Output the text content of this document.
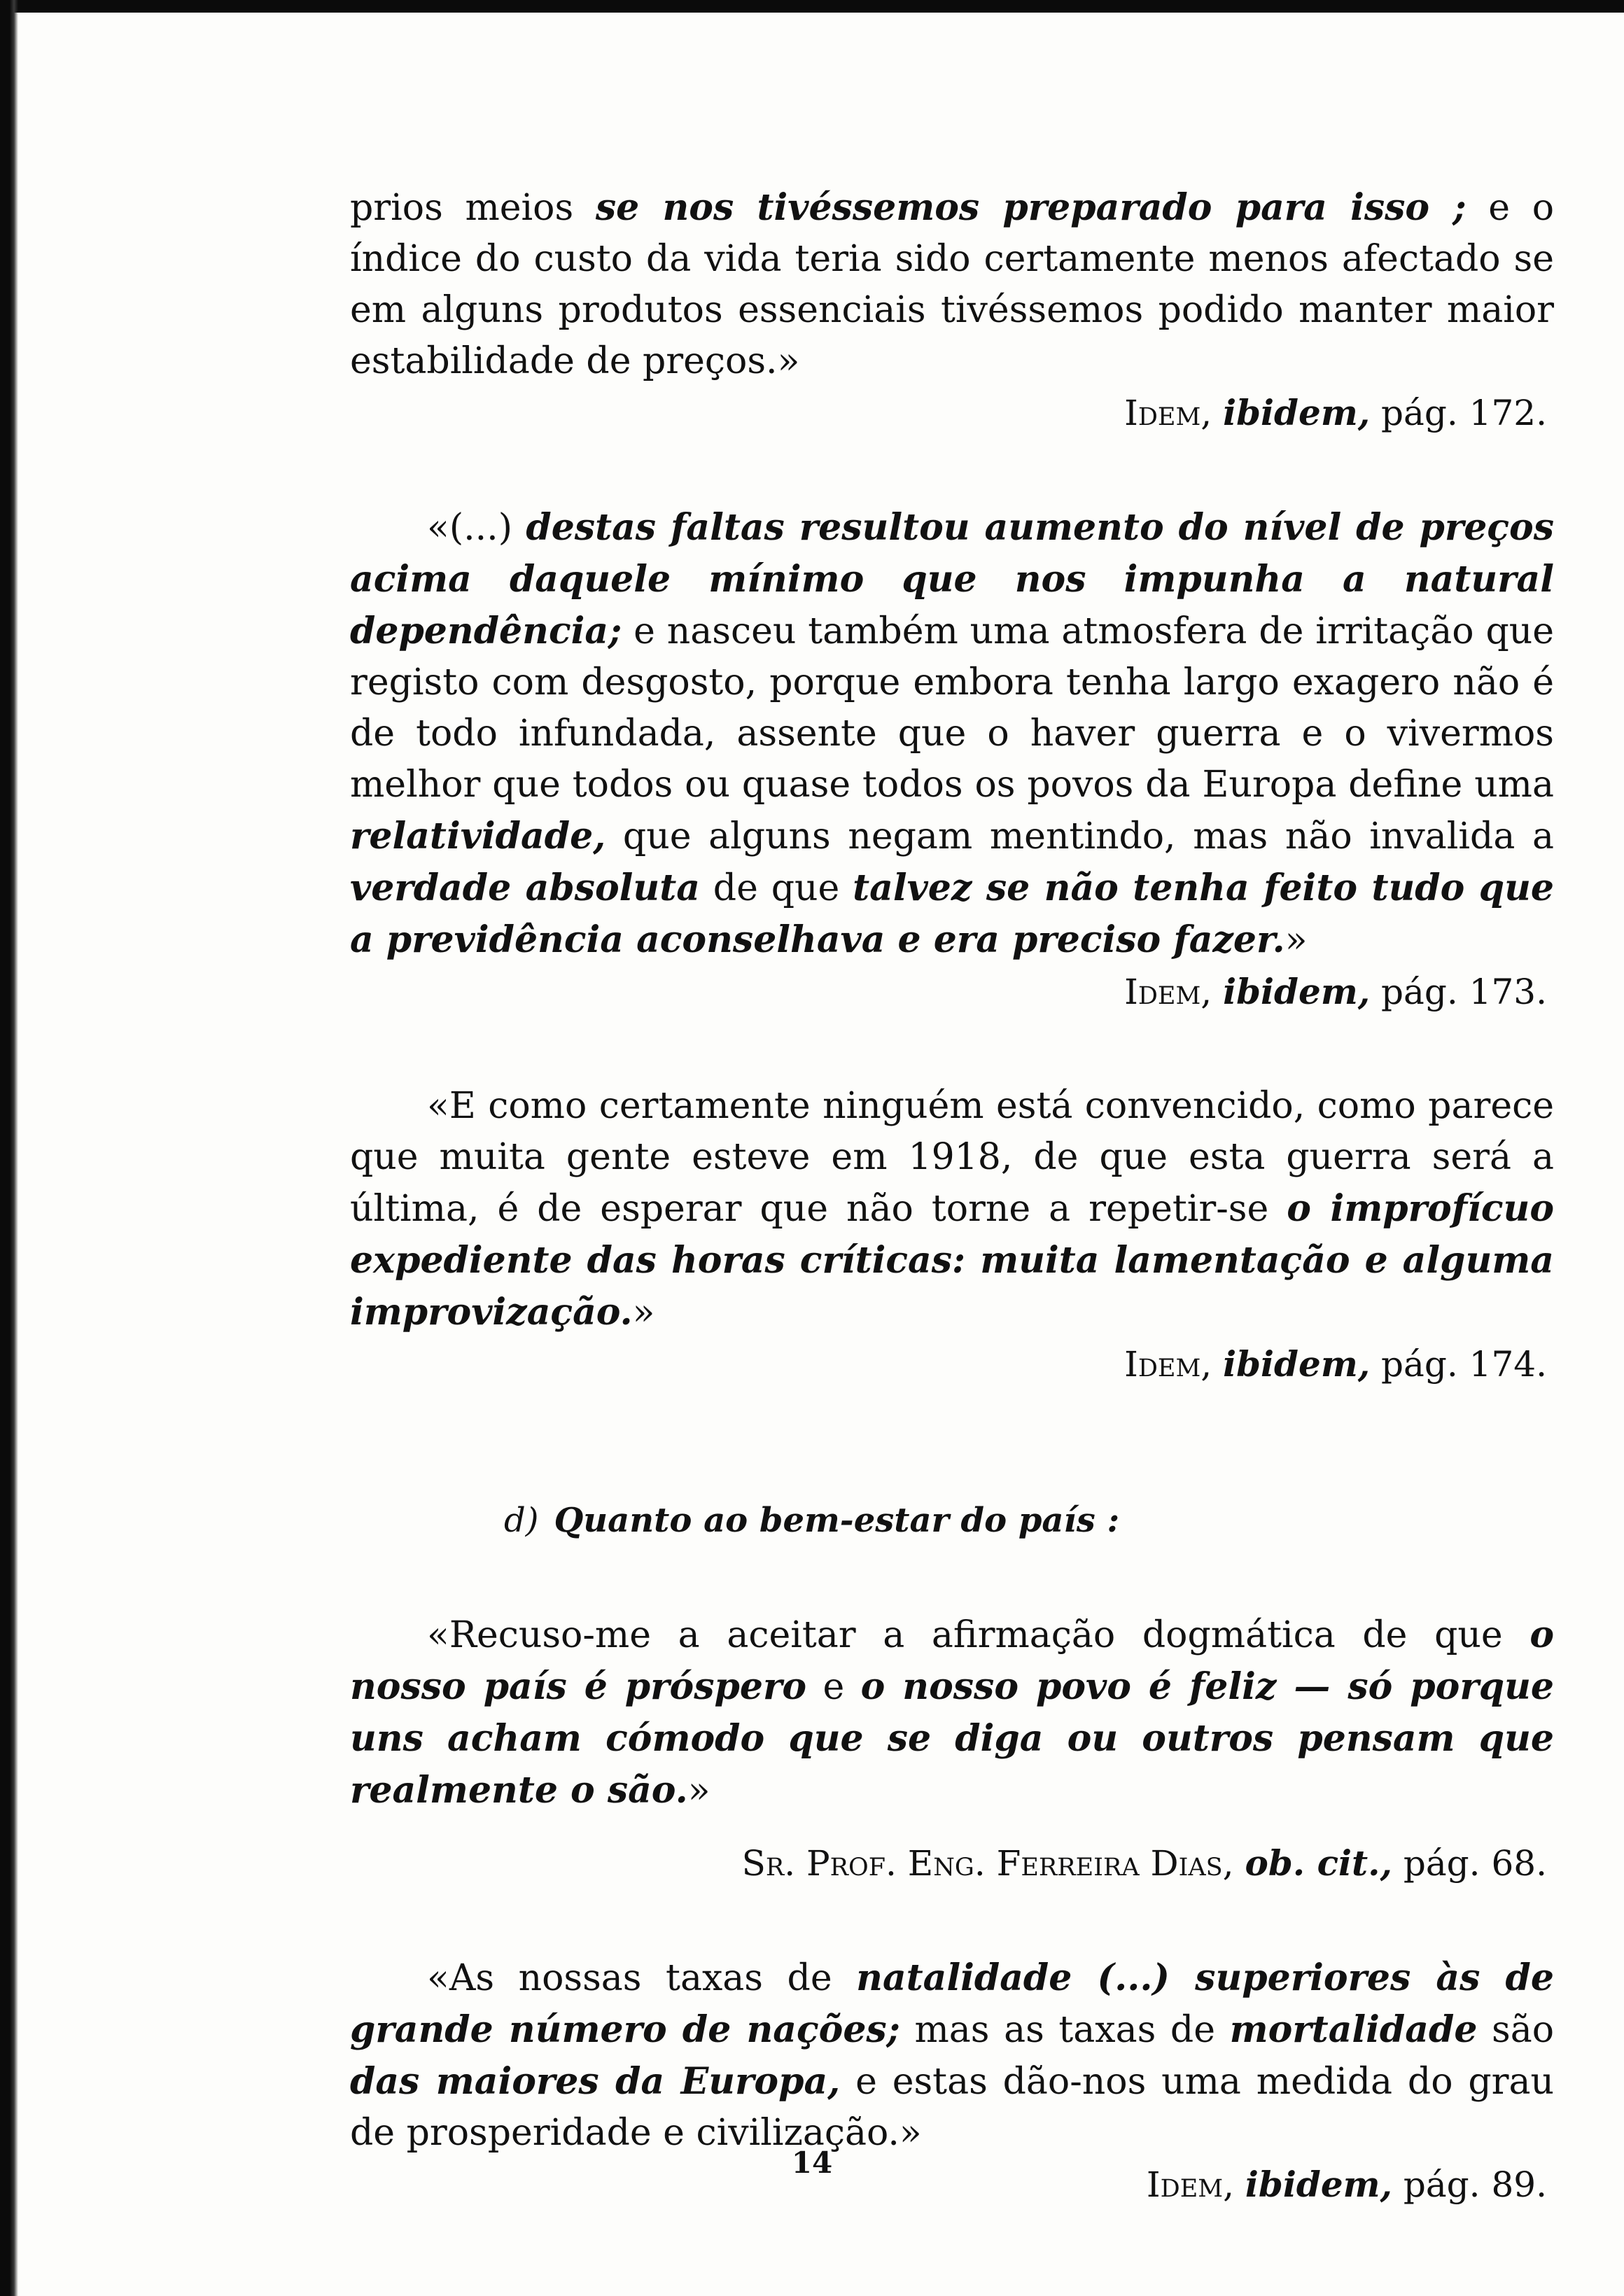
prios meios se nos tivéssemos preparado para isso ; e o índice do custo da vida teria sido certamente menos afectado se em alguns produtos essenciais tivéssemos podido manter maior estabilidade de preços.»

Idem, ibidem, pág. 172.

«(...) destas faltas resultou aumento do nível de preços acima daquele mínimo que nos impunha a natural dependência; e nasceu também uma atmosfera de irritação que registo com desgosto, porque embora tenha largo exagero não é de todo infundada, assente que o haver guerra e o vivermos melhor que todos ou quase todos os povos da Europa define uma relatividade, que alguns negam mentindo, mas não invalida a verdade absoluta de que talvez se não tenha feito tudo que a previdência aconselhava e era preciso fazer.»

Idem, ibidem, pág. 173.

«E como certamente ninguém está convencido, como parece que muita gente esteve em 1918, de que esta guerra será a última, é de esperar que não torne a repetir-se o improfícuo expediente das horas críticas: muita lamentação e alguma improvização.»

Idem, ibidem, pág. 174.

d) Quanto ao bem-estar do país :

«Recuso-me a aceitar a afirmação dogmática de que o nosso país é próspero e o nosso povo é feliz — só porque uns acham cómodo que se diga ou outros pensam que realmente o são.»

Sr. Prof. Eng. Ferreira Dias, ob. cit., pág. 68.

«As nossas taxas de natalidade (...) superiores às de grande número de nações; mas as taxas de mortalidade são das maiores da Europa, e estas dão-nos uma medida do grau de prosperidade e civilização.»

Idem, ibidem, pág. 89.

14
